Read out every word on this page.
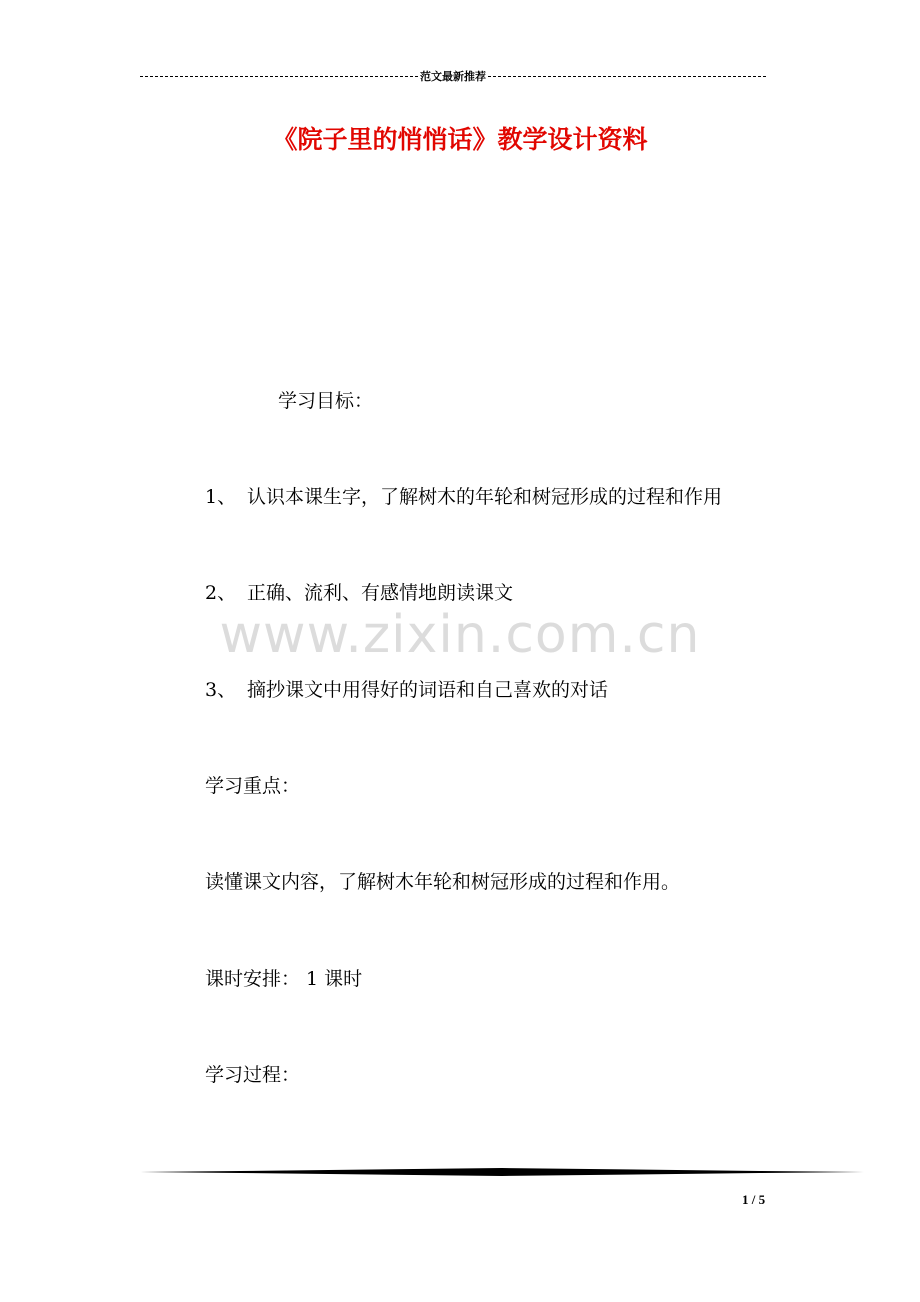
范文最新推荐
《院子里的悄悄话》教学设计资料

学习目标：

1、 认识本课生字，了解树木的年轮和树冠形成的过程和作用

2、 正确、流利、有感情地朗读课文

3、 摘抄课文中用得好的词语和自己喜欢的对话

学习重点：

读懂课文内容，了解树木年轮和树冠形成的过程和作用。

课时安排： 1 课时

学习过程：

www.zixin.com.cn
1 / 5
